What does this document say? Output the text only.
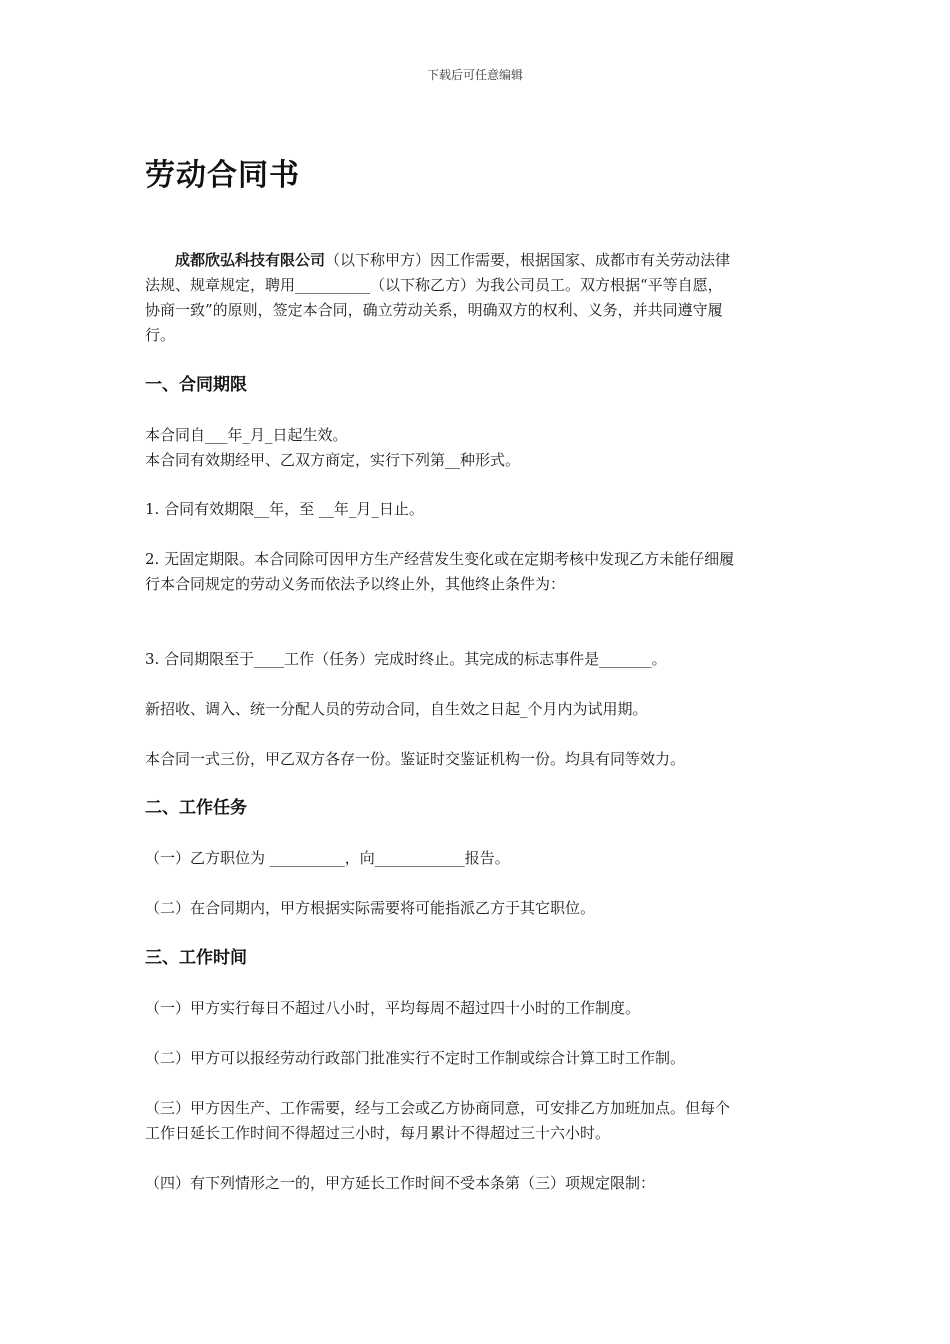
下载后可任意编辑
劳动合同书
成都欣弘科技有限公司（以下称甲方）因工作需要，根据国家、成都市有关劳动法律
法规、规章规定，聘用__________（以下称乙方）为我公司员工。双方根据“平等自愿，
协商一致”的原则，签定本合同，确立劳动关系，明确双方的权利、义务，并共同遵守履
行。
一、合同期限
本合同自___年_月_日起生效。
本合同有效期经甲、乙双方商定，实行下列第__种形式。
1. 合同有效期限__年，至 __年_月_日止。
2. 无固定期限。本合同除可因甲方生产经营发生变化或在定期考核中发现乙方未能仔细履
行本合同规定的劳动义务而依法予以终止外，其他终止条件为：
3. 合同期限至于____工作（任务）完成时终止。其完成的标志事件是_______。
新招收、调入、统一分配人员的劳动合同，自生效之日起_个月内为试用期。
本合同一式三份，甲乙双方各存一份。鉴证时交鉴证机构一份。均具有同等效力。
二、工作任务
（一）乙方职位为 __________，向____________报告。
（二）在合同期内，甲方根据实际需要将可能指派乙方于其它职位。
三、工作时间
（一）甲方实行每日不超过八小时，平均每周不超过四十小时的工作制度。
（二）甲方可以报经劳动行政部门批准实行不定时工作制或综合计算工时工作制。
（三）甲方因生产、工作需要，经与工会或乙方协商同意，可安排乙方加班加点。但每个
工作日延长工作时间不得超过三小时，每月累计不得超过三十六小时。
（四）有下列情形之一的，甲方延长工作时间不受本条第（三）项规定限制：
